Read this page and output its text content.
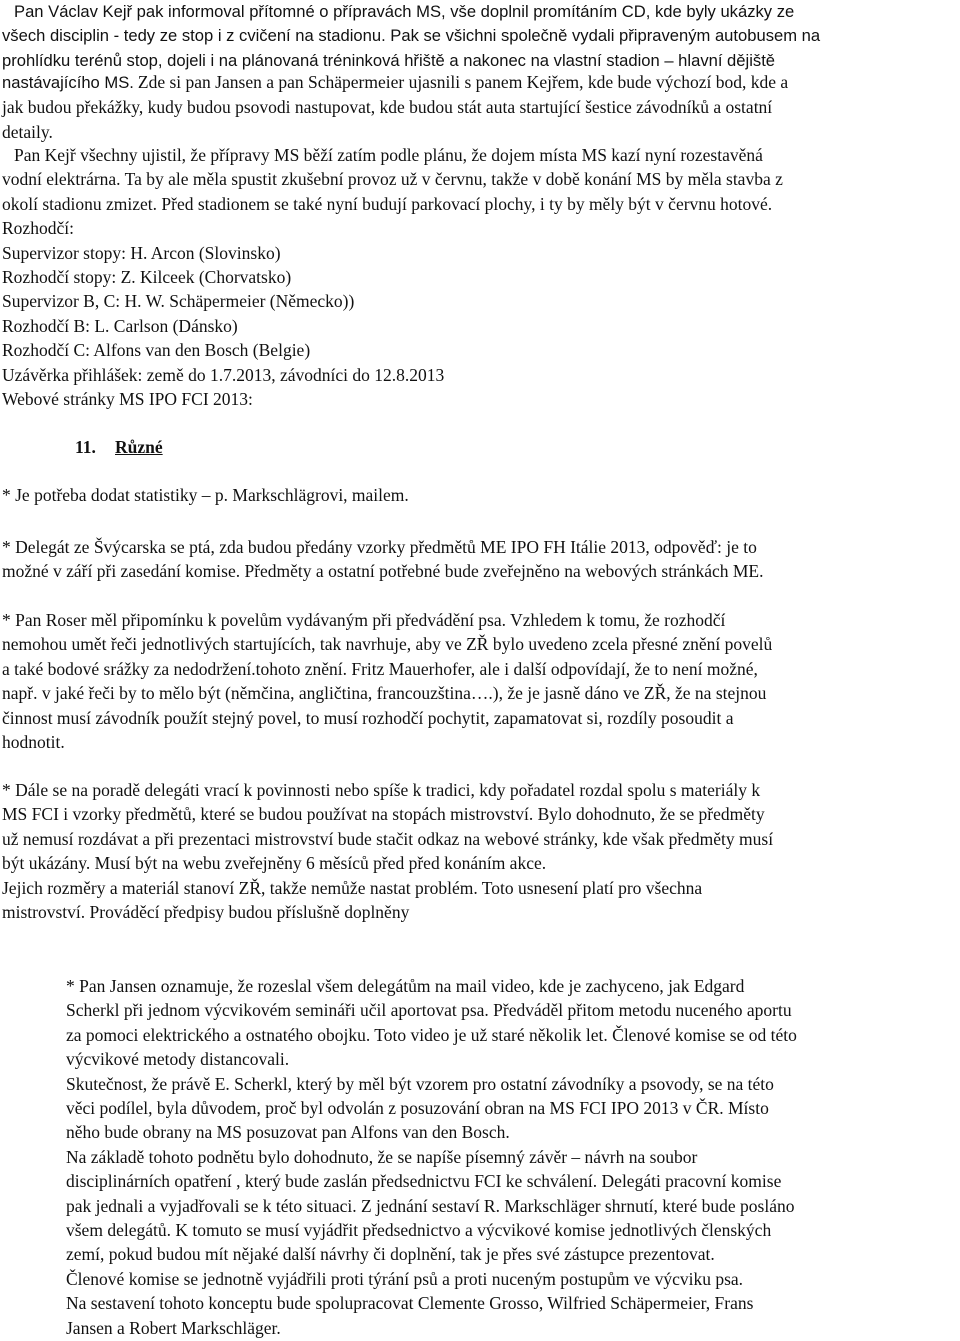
Pan Václav Kejř pak informoval přítomné o přípravách MS, vše doplnil promítáním CD, kde byly ukázky ze
všech disciplin - tedy ze stop i z cvičení na stadionu. Pak se všichni společně vydali připraveným autobusem na
prohlídku terénů stop, dojeli i na plánovaná tréninková hřiště a nakonec na vlastní stadion – hlavní dějiště
nastávajícího MS. Zde si pan Jansen a pan Schäpermeier ujasnili s panem Kejřem, kde bude výchozí bod, kde a
jak budou překážky, kudy budou psovodi nastupovat, kde budou stát auta startující šestice závodníků a ostatní
detaily.
Pan Kejř všechny ujistil, že přípravy MS běží zatím podle plánu, že dojem místa MS kazí nyní rozestavěná
vodní elektrárna. Ta by ale měla spustit zkušební provoz už v červnu, takže v době konání MS by měla stavba z
okolí stadionu zmizet. Před stadionem se také nyní budují parkovací plochy, i ty by měly být v červnu hotové.
Rozhodčí:
Supervizor stopy: H. Arcon (Slovinsko)
Rozhodčí stopy: Z. Kilceek (Chorvatsko)
Supervizor B, C: H. W. Schäpermeier (Německo))
Rozhodčí B: L. Carlson (Dánsko)
Rozhodčí C: Alfons van den Bosch (Belgie)
Uzávěrka přihlášek: země do 1.7.2013, závodníci do 12.8.2013
Webové stránky MS IPO FCI 2013:
11. Různé
* Je potřeba dodat statistiky – p. Markschlägrovi, mailem.
* Delegát ze Švýcarska se ptá, zda budou předány vzorky předmětů ME IPO FH Itálie 2013, odpověď: je to
možné v září při zasedání komise. Předměty a ostatní potřebné bude zveřejněno na webových stránkách ME.
* Pan Roser měl připomínku k povelům vydávaným při předvádění psa. Vzhledem k tomu, že rozhodčí
nemohou umět řeči jednotlivých startujících, tak navrhuje, aby ve ZŘ bylo uvedeno zcela přesné znění povelů
a také bodové srážky za nedodržení.tohoto znění. Fritz Mauerhofer, ale i další odpovídají, že to není možné,
např. v jaké řeči by to mělo být (němčina, angličtina, francouzština….), že je jasně dáno ve ZŘ, že na stejnou
činnost musí závodník použít stejný povel, to musí rozhodčí pochytit, zapamatovat si, rozdíly posoudit a
hodnotit.
* Dále se na poradě delegáti vrací k povinnosti nebo spíše k tradici, kdy pořadatel rozdal spolu s materiály k
MS FCI i vzorky předmětů, které se budou používat na stopách mistrovství. Bylo dohodnuto, že se předměty
už nemusí rozdávat a při prezentaci mistrovství bude stačit odkaz na webové stránky, kde však předměty musí
být ukázány. Musí být na webu zveřejněny 6 měsíců před před konáním akce.
Jejich rozměry a materiál stanoví ZŘ, takže nemůže nastat problém. Toto usnesení platí pro všechna
mistrovství. Prováděcí předpisy budou příslušně doplněny
* Pan Jansen oznamuje, že rozeslal všem delegátům na mail video, kde je zachyceno, jak Edgard
Scherkl při jednom výcvikovém semináři učil aportovat psa. Předváděl přitom metodu nuceného aportu
za pomoci elektrického a ostnatého obojku. Toto video je už staré několik let. Členové komise se od této
výcvikové metody distancovali.
Skutečnost, že právě E. Scherkl, který by měl být vzorem pro ostatní závodníky a psovody, se na této
věci podílel, byla důvodem, proč byl odvolán z posuzování obran na MS FCI IPO 2013 v ČR. Místo
něho bude obrany na MS posuzovat pan Alfons van den Bosch.
Na základě tohoto podnětu bylo dohodnuto, že se napíše písemný závěr – návrh na soubor
disciplinárních opatření , který bude zaslán předsednictvu FCI ke schválení. Delegáti pracovní komise
pak jednali a vyjadřovali se k této situaci. Z jednání sestaví R. Markschläger shrnutí, které bude posláno
všem delegátů. K tomuto se musí vyjádřit předsednictvo a výcvikové komise jednotlivých členských
zemí, pokud budou mít nějaké další návrhy či doplnění, tak je přes své zástupce prezentovat.
Členové komise se jednotně vyjádřili proti týrání psů a proti nuceným postupům ve výcviku psa.
Na sestavení tohoto konceptu bude spolupracovat Clemente Grosso, Wilfried Schäpermeier, Frans
Jansen a Robert Markschläger.
